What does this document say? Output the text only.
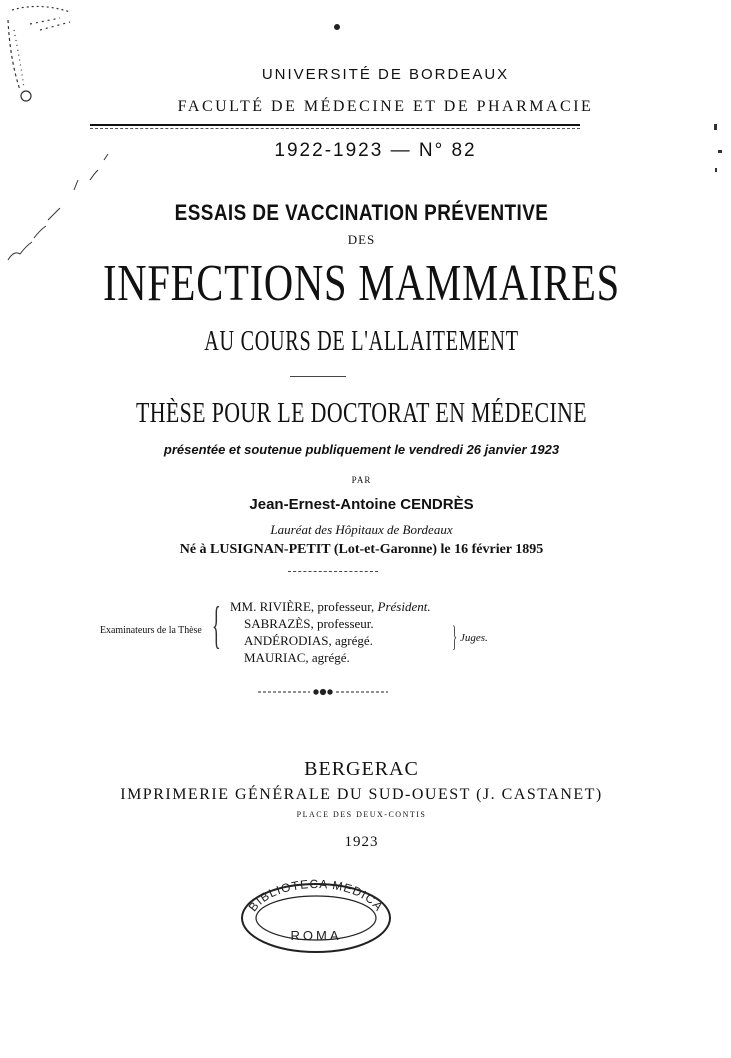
UNIVERSITÉ DE BORDEAUX
FACULTÉ DE MÉDECINE ET DE PHARMACIE
1922-1923 — N° 82
ESSAIS DE VACCINATION PRÉVENTIVE
DES
INFECTIONS MAMMAIRES
AU COURS DE L'ALLAITEMENT
THÈSE POUR LE DOCTORAT EN MÉDECINE
présentée et soutenue publiquement le vendredi 26 janvier 1923
PAR
Jean-Ernest-Antoine CENDRÈS
Lauréat des Hôpitaux de Bordeaux
Né à LUSIGNAN-PETIT (Lot-et-Garonne) le 16 février 1895
Examinateurs de la Thèse { MM. RIVIÈRE, professeur, Président.
SABRAZÈS, professeur.
ANDÉRODIAS, agrégé.
MAURIAC, agrégé.
} Juges.
BERGERAC
IMPRIMERIE GÉNÉRALE DU SUD-OUEST (J. CASTANET)
PLACE DES DEUX-CONTIS
1923
BIBLIOTECA MEDICA
ROMA
